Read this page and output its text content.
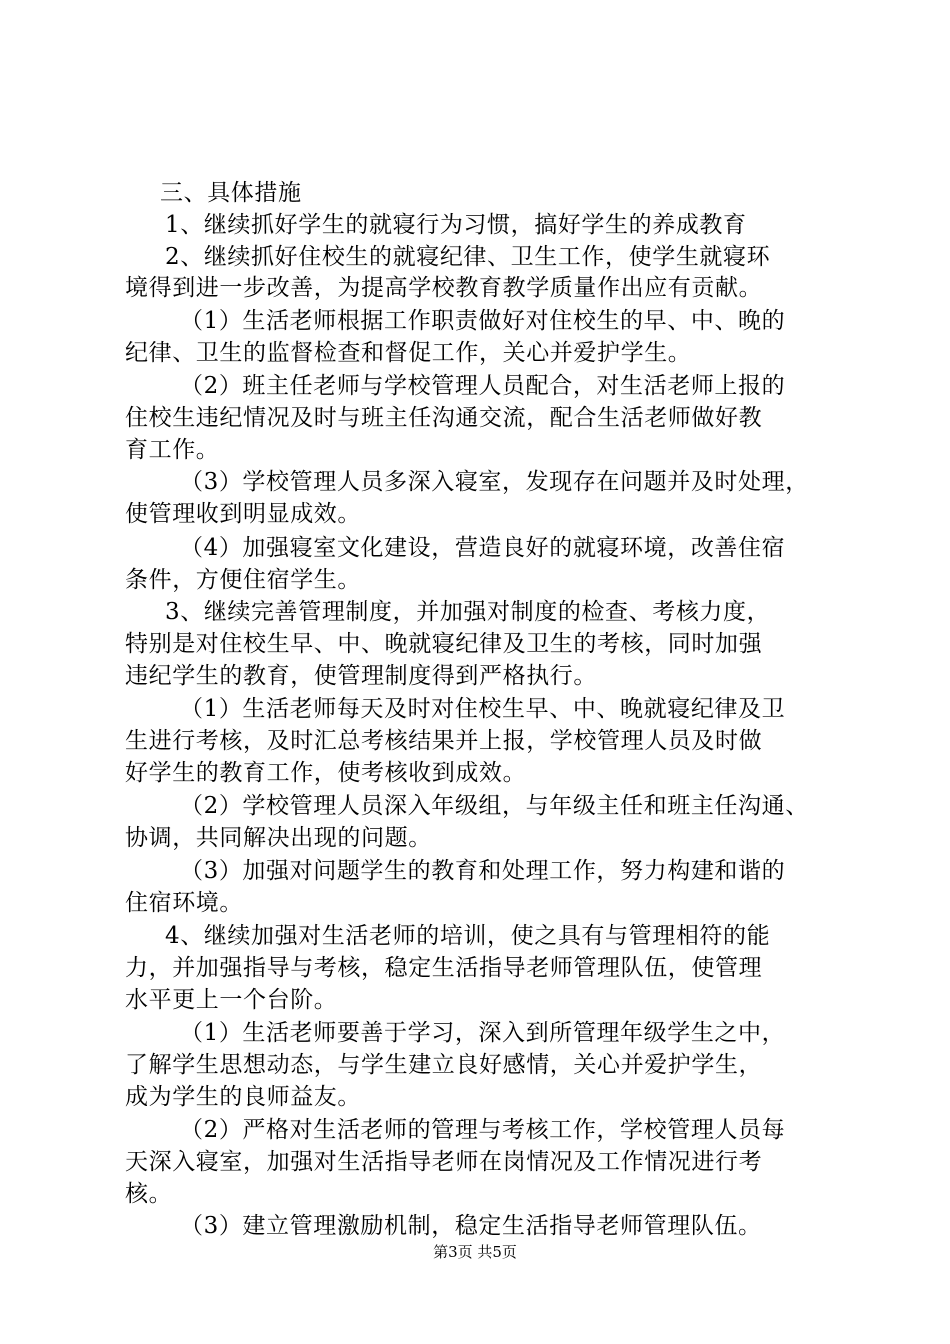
三、具体措施
1、继续抓好学生的就寝行为习惯，搞好学生的养成教育
2、继续抓好住校生的就寝纪律、卫生工作，使学生就寝环
境得到进一步改善，为提高学校教育教学质量作出应有贡献。
（1）生活老师根据工作职责做好对住校生的早、中、晚的
纪律、卫生的监督检查和督促工作，关心并爱护学生。
（2）班主任老师与学校管理人员配合，对生活老师上报的
住校生违纪情况及时与班主任沟通交流，配合生活老师做好教
育工作。
（3）学校管理人员多深入寝室，发现存在问题并及时处理，
使管理收到明显成效。
（4）加强寝室文化建设，营造良好的就寝环境，改善住宿
条件，方便住宿学生。
3、继续完善管理制度，并加强对制度的检查、考核力度，
特别是对住校生早、中、晚就寝纪律及卫生的考核，同时加强
违纪学生的教育，使管理制度得到严格执行。
（1）生活老师每天及时对住校生早、中、晚就寝纪律及卫
生进行考核，及时汇总考核结果并上报，学校管理人员及时做
好学生的教育工作，使考核收到成效。
（2）学校管理人员深入年级组，与年级主任和班主任沟通、
协调，共同解决出现的问题。
（3）加强对问题学生的教育和处理工作，努力构建和谐的
住宿环境。
4、继续加强对生活老师的培训，使之具有与管理相符的能
力，并加强指导与考核，稳定生活指导老师管理队伍，使管理
水平更上一个台阶。
（1）生活老师要善于学习，深入到所管理年级学生之中，
了解学生思想动态，与学生建立良好感情，关心并爱护学生，
成为学生的良师益友。
（2）严格对生活老师的管理与考核工作，学校管理人员每
天深入寝室，加强对生活指导老师在岗情况及工作情况进行考
核。
（3）建立管理激励机制，稳定生活指导老师管理队伍。
第3页 共5页
